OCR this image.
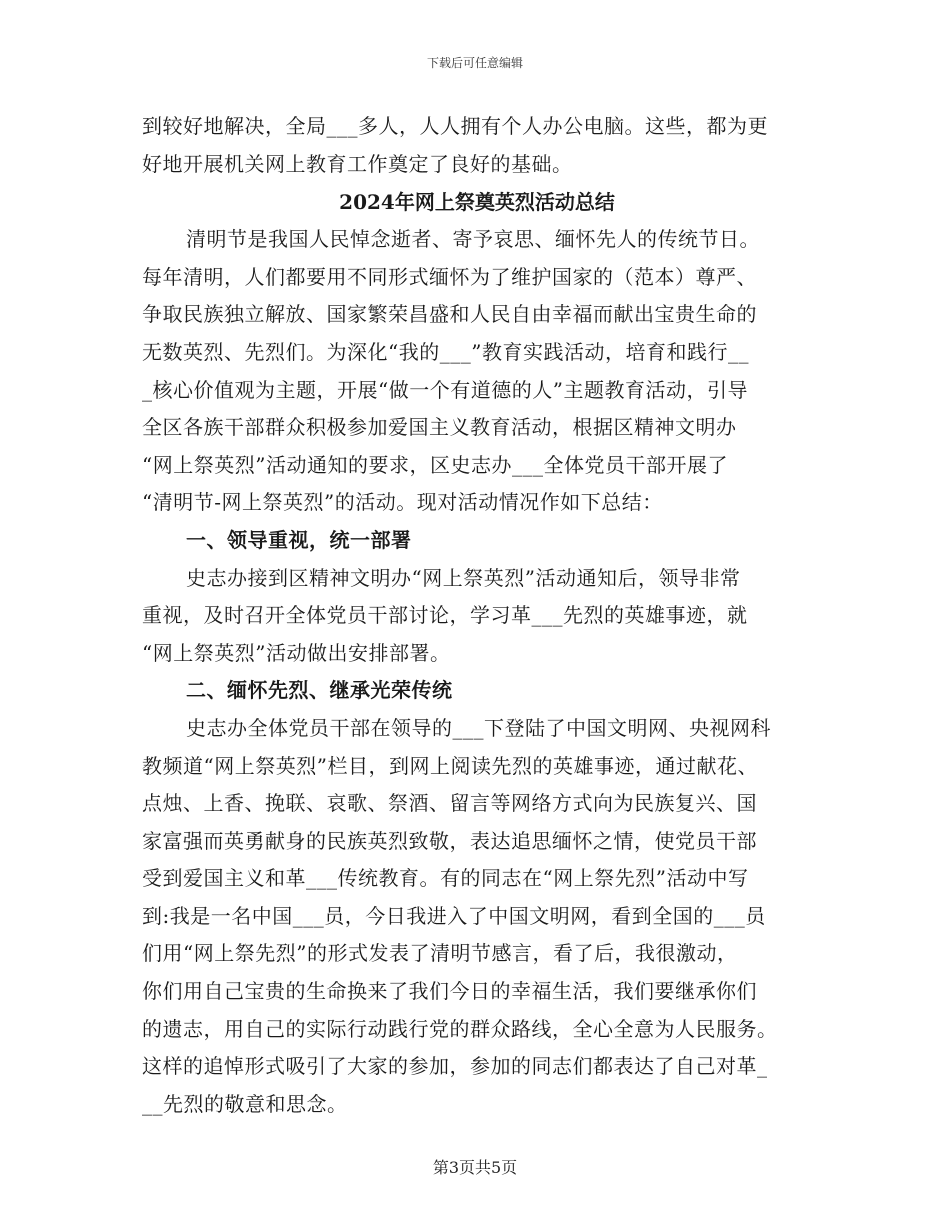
下载后可任意编辑
到较好地解决，全局___多人，人人拥有个人办公电脑。这些，都为更
好地开展机关网上教育工作奠定了良好的基础。
2024年网上祭奠英烈活动总结
清明节是我国人民悼念逝者、寄予哀思、缅怀先人的传统节日。
每年清明，人们都要用不同形式缅怀为了维护国家的（范本）尊严、
争取民族独立解放、国家繁荣昌盛和人民自由幸福而献出宝贵生命的
无数英烈、先烈们。为深化“我的___”教育实践活动，培育和践行__
_核心价值观为主题，开展“做一个有道德的人”主题教育活动，引导
全区各族干部群众积极参加爱国主义教育活动，根据区精神文明办
“网上祭英烈”活动通知的要求，区史志办___全体党员干部开展了
“清明节-网上祭英烈”的活动。现对活动情况作如下总结：
一、领导重视，统一部署
史志办接到区精神文明办“网上祭英烈”活动通知后，领导非常
重视，及时召开全体党员干部讨论，学习革___先烈的英雄事迹，就
“网上祭英烈”活动做出安排部署。
二、缅怀先烈、继承光荣传统
史志办全体党员干部在领导的___下登陆了中国文明网、央视网科
教频道“网上祭英烈”栏目，到网上阅读先烈的英雄事迹，通过献花、
点烛、上香、挽联、哀歌、祭酒、留言等网络方式向为民族复兴、国
家富强而英勇献身的民族英烈致敬，表达追思缅怀之情，使党员干部
受到爱国主义和革___传统教育。有的同志在“网上祭先烈”活动中写
到:我是一名中国___员，今日我进入了中国文明网，看到全国的___员
们用“网上祭先烈”的形式发表了清明节感言，看了后，我很激动，
你们用自己宝贵的生命换来了我们今日的幸福生活，我们要继承你们
的遗志，用自己的实际行动践行党的群众路线，全心全意为人民服务。
这样的追悼形式吸引了大家的参加，参加的同志们都表达了自己对革_
__先烈的敬意和思念。
第3页共5页
